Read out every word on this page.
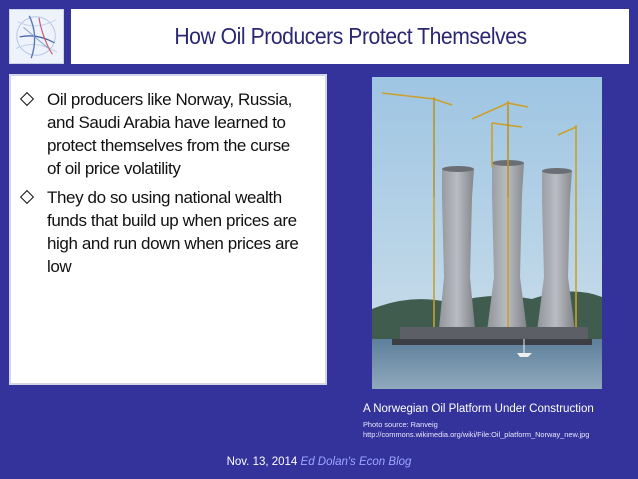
How Oil Producers Protect Themselves
Oil producers like Norway, Russia, and Saudi Arabia have learned to protect themselves from the curse of oil price volatility
They do so using national wealth funds that build up when prices are high and run down when prices are low
A Norwegian Oil Platform Under Construction
Photo source: Ranveig
http://commons.wikimedia.org/wiki/File:Oil_platform_Norway_new.jpg
Nov. 13, 2014 Ed Dolan's Econ Blog
